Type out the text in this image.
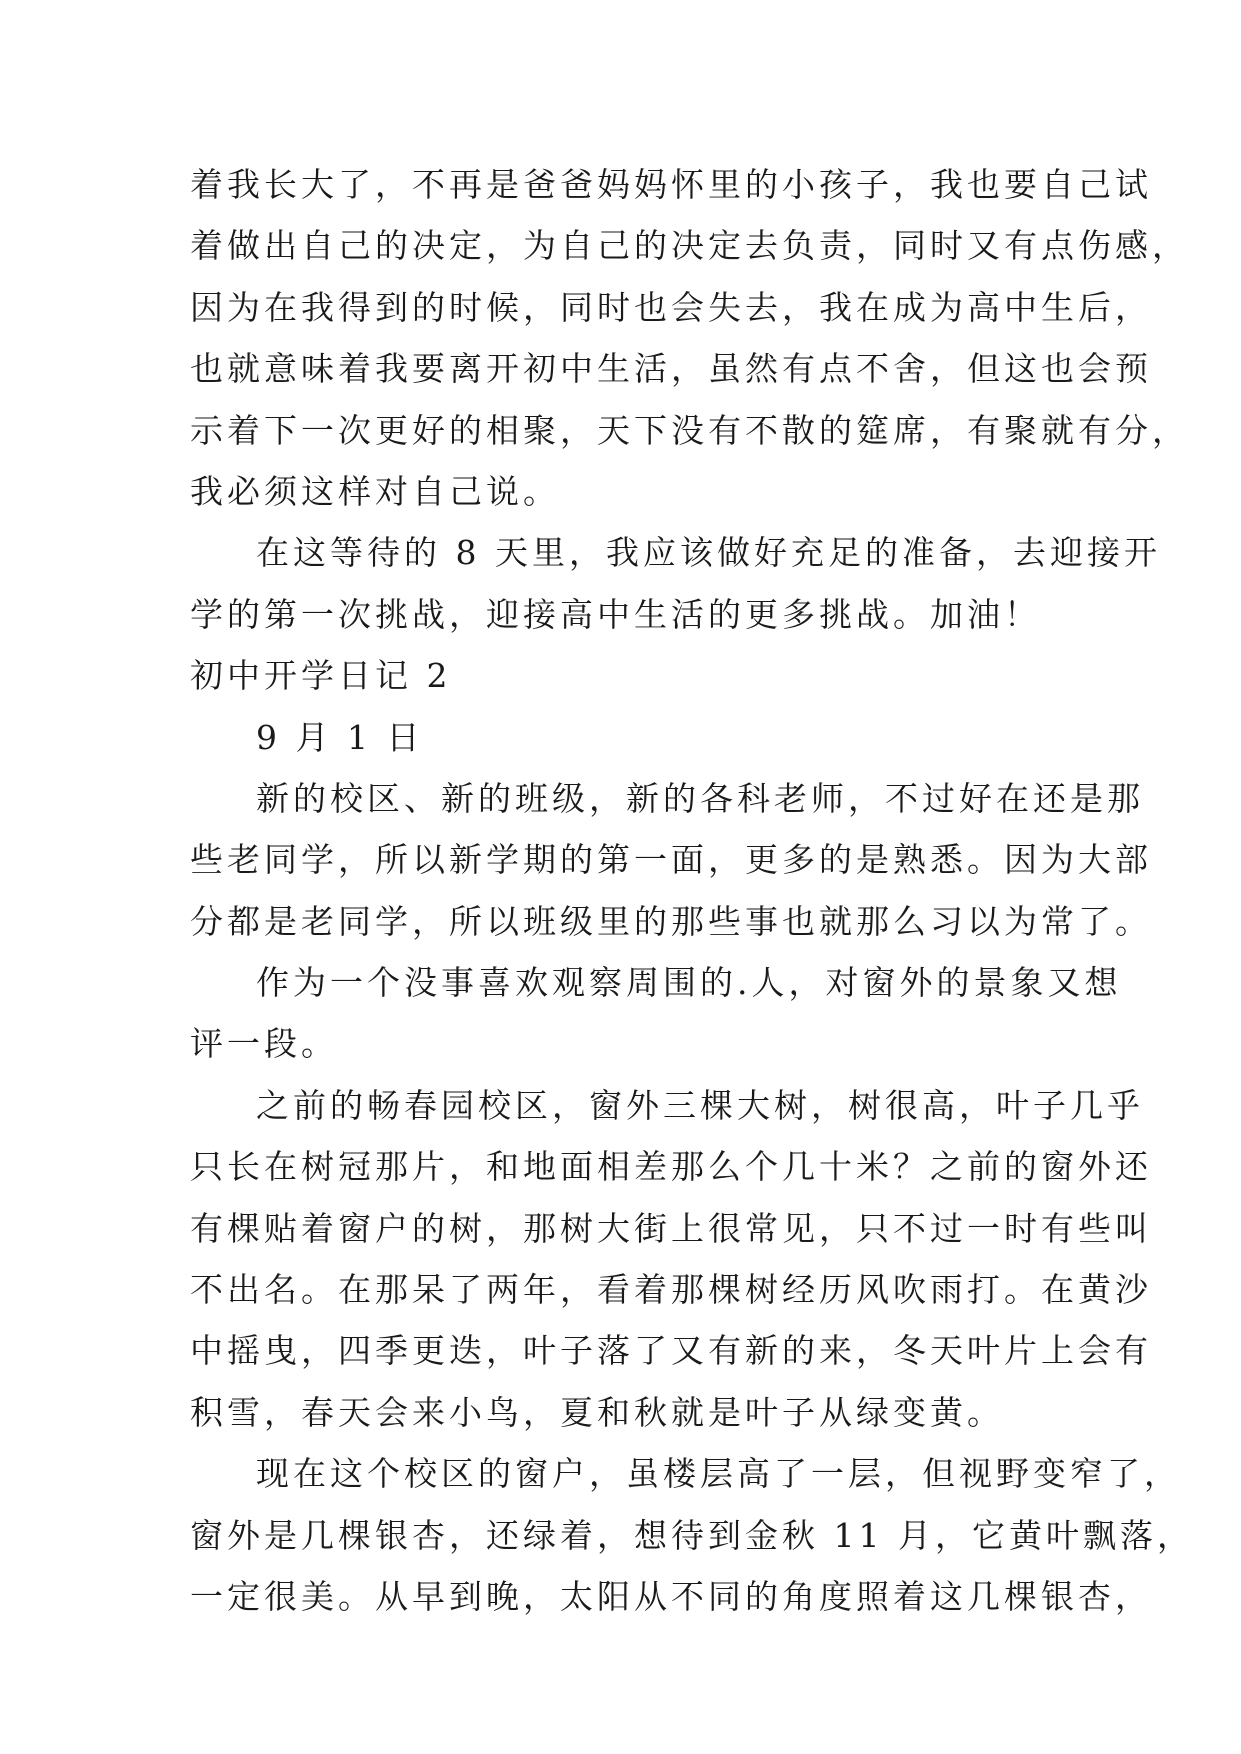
着我长大了，不再是爸爸妈妈怀里的小孩子，我也要自己试
着做出自己的决定，为自己的决定去负责，同时又有点伤感，
因为在我得到的时候，同时也会失去，我在成为高中生后，
也就意味着我要离开初中生活，虽然有点不舍，但这也会预
示着下一次更好的相聚，天下没有不散的筵席，有聚就有分，
我必须这样对自己说。
在这等待的 8 天里，我应该做好充足的准备，去迎接开
学的第一次挑战，迎接高中生活的更多挑战。加油！
初中开学日记 2
9 月 1 日
新的校区、新的班级，新的各科老师，不过好在还是那
些老同学，所以新学期的第一面，更多的是熟悉。因为大部
分都是老同学，所以班级里的那些事也就那么习以为常了。
作为一个没事喜欢观察周围的.人，对窗外的景象又想
评一段。
之前的畅春园校区，窗外三棵大树，树很高，叶子几乎
只长在树冠那片，和地面相差那么个几十米？之前的窗外还
有棵贴着窗户的树，那树大街上很常见，只不过一时有些叫
不出名。在那呆了两年，看着那棵树经历风吹雨打。在黄沙
中摇曳，四季更迭，叶子落了又有新的来，冬天叶片上会有
积雪，春天会来小鸟，夏和秋就是叶子从绿变黄。
现在这个校区的窗户，虽楼层高了一层，但视野变窄了，
窗外是几棵银杏，还绿着，想待到金秋 11 月，它黄叶飘落，
一定很美。从早到晚，太阳从不同的角度照着这几棵银杏，
